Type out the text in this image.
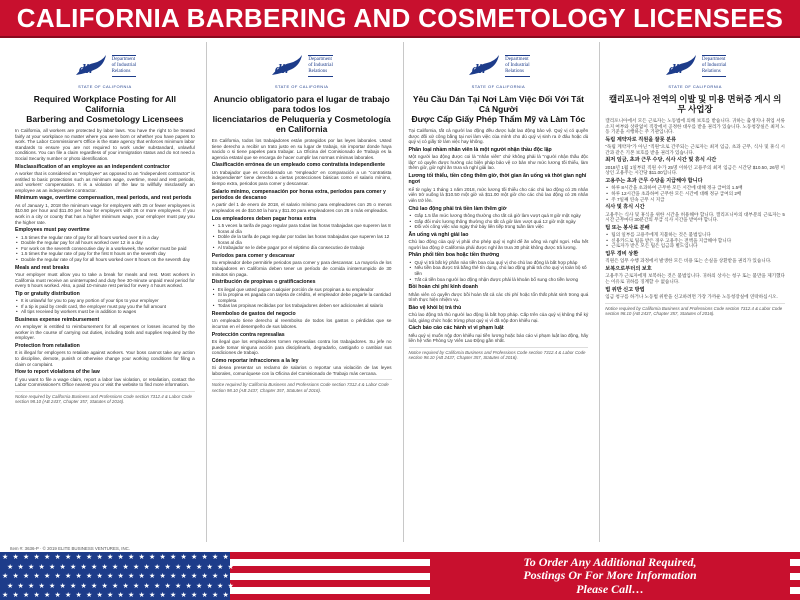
CALIFORNIA BARBERING AND COSMETOLOGY LICENSEES
dir
Department
of Industrial
Relations
STATE OF CALIFORNIA
Required Workplace Posting for All California
Barbering and Cosmetology Licensees

In California, all workers are protected by labor laws. You have the right to be treated fairly at your workplace no matter where you were born or whether you have papers to work. The Labor Commissioner's Office is the state agency that enforces minimum labor standards to ensure you are not required to work under substandard, unlawful conditions. You can file a claim regardless of your immigration status and do not need a Social Security number or photo identification.

Misclassification of an employee as an independent contractor

A worker that is considered an "employee" as opposed to an "independent contractor" is entitled to basic protections such as minimum wage, overtime, meal and rest periods, and workers' compensation. It is a violation of the law to willfully misclassify an employee as an independent contractor.

Minimum wage, overtime compensation, meal periods, and rest periods

As of January 1, 2018 the minimum wage for employers with 25 or fewer employees is $10.50 per hour and $11.00 per hour for employers with 26 or more employees. If you work in a city or county that has a higher minimum wage, your employer must pay you the higher rate.

Employees must pay overtime

• 1.5 times the regular rate of pay for all hours worked over 8 in a day

• Double the regular pay for all hours worked over 12 in a day

• For work on the seventh consecutive day in a workweek, the worker must be paid

• 1.5 times the regular rate of pay for the first 8 hours on the seventh day

• Double the regular rate of pay for all hours worked over 8 hours on the seventh day

Meals and rest breaks

Your employer must allow you to take a break for meals and rest. Most workers in California must receive an uninterrupted and duty free 30-minute unpaid meal period for every 5 hours worked. Also, a paid 10-minute rest period for every 4 hours worked.

Tip or gratuity distribution

• It is unlawful for you to pay any portion of your tips to your employer

• If a tip is paid by credit card, the employer must pay you the full amount

• All tips received by workers must be in addition to wages

Business expense reimbursement

An employer is entitled to reimbursement for all expenses or losses incurred by the worker in the course of carrying out duties, including tools and supplies required by the employer.

Protection from retaliation

It is illegal for employers to retaliate against workers. Your boss cannot take any action to discipline, demote, punish or otherwise change your working conditions for filing a claim or complaint.

How to report violations of the law

If you want to file a wage claim, report a labor law violation, or retaliation, contact the Labor Commissioner's Office nearest you or visit the website to find more information.

Notice required by California Business and Professions Code section 7312.4 & Labor Code section 98.10 (AB 2437, Chapter 357, Statutes of 2016).
dir
Department
of Industrial
Relations
STATE OF CALIFORNIA
Anuncio obligatorio para el lugar de trabajo para todos los
licenciatarios de Peluquería y Cosmetología en California

En California, todos los trabajadores están protegidos por las leyes laborales. Usted tiene derecho a recibir un trato justo en su lugar de trabajo, sin importar donde haya nacido o si tiene papeles para trabajar. La Oficina del Comisionado de Trabajo es la agencia estatal que se encarga de hacer cumplir las normas mínimas laborales.

Clasificación errónea de un empleado como contratista independiente

Un trabajador que es considerado un "empleado" en comparación a un "contratista independiente" tiene derecho a ciertas protecciones básicas como el salario mínimo, tiempo extra, periodos para comer y descansar.

Salario mínimo, compensación por horas extra, períodos para comer y períodos de descanso

A partir del 1 de enero de 2018, el salario mínimo para empleadores con 25 o menos empleados es de $10.50 la hora y $11.00 para empleadores con 26 o más empleados.

Los empleadores deben pagar horas extra

• 1.5 veces la tarifa de pago regular para todas las horas trabajadas que superen las 8 horas al día

• Doble de la tarifa de pago regular por todas las horas trabajadas que superen las 12 horas al día

• Al trabajador se le debe pagar por el séptimo día consecutivo de trabajo

Períodos para comer y descansar

Su empleador debe permitirle periodos para comer y para descansar. La mayoría de los trabajadores en California deben tener un período de comida ininterrumpido de 30 minutos sin paga.

Distribución de propinas o gratificaciones

• Es ilegal que usted pague cualquier porción de sus propinas a su empleador

• Si la propina es pagada con tarjeta de crédito, el empleador debe pagarle la cantidad completa

• Todas las propinas recibidas por los trabajadores deben ser adicionales al salario

Reembolso de gastos del negocio

Un empleado tiene derecho al reembolso de todos los gastos o pérdidas que se incurran en el desempeño de sus labores.

Protección contra represalias

Es ilegal que los empleadores tomen represalias contra los trabajadores. Su jefe no puede tomar ninguna acción para disciplinarlo, degradarlo, castigarlo o cambiar sus condiciones de trabajo.

Cómo reportar infracciones a la ley

Si desea presentar un reclamo de salarios o reportar una violación de las leyes laborales, comuníquese con la Oficina del Comisionado de Trabajo más cercana.

Notice required by California Business and Professions Code section 7312.4 & Labor Code section 98.10 (AB 2437, Chapter 357, Statutes of 2016).
dir
Department
of Industrial
Relations
STATE OF CALIFORNIA
Yêu Cầu Dán Tại Nơi Làm Việc Đối Với Tất Cả Người
Được Cấp Giấy Phép Thẩm Mỹ và Làm Tóc

Tại California, tất cả người lao động đều được luật lao động bảo vệ. Quý vị có quyền được đối xử công bằng tại nơi làm việc của mình cho dù quý vị sinh ra ở đâu hoặc dù quý vị có giấy tờ làm việc hay không.

Phân loại nhầm nhân viên là một người nhận thầu độc lập

Một người lao động được coi là "nhân viên" chứ không phải là "người nhận thầu độc lập" có quyền được hưởng các biện pháp bảo vệ cơ bản như mức lương tối thiểu, làm thêm giờ, giờ nghỉ ăn trưa và nghỉ giải lao.

Lương tối thiểu, tiền công thêm giờ, thời gian ăn uống và thời gian nghỉ ngơi

Kể từ ngày 1 tháng 1 năm 2018, mức lương tối thiểu cho các chủ lao động có 25 nhân viên trở xuống là $10.50 một giờ và $11.00 một giờ cho các chủ lao động có 26 nhân viên trở lên.

Chủ lao động phải trả tiền làm thêm giờ

• Gấp 1.5 lần mức lương thông thường cho tất cả giờ làm vượt quá 8 giờ một ngày

• Gấp đôi mức lương thông thường cho tất cả giờ làm vượt quá 12 giờ một ngày

• Đối với công việc vào ngày thứ bảy liên tiếp trong tuần làm việc

Ăn uống và nghỉ giải lao

Chủ lao động của quý vị phải cho phép quý vị nghỉ để ăn uống và nghỉ ngơi. Hầu hết người lao động ở California phải được nghỉ ăn trưa 30 phút không được trả lương.

Phân phối tiền boa hoặc tiền thưởng

• Quý vị trả bất kỳ phần nào tiền boa của quý vị cho chủ lao động là bất hợp pháp

• Nếu tiền boa được trả bằng thẻ tín dụng, chủ lao động phải trả cho quý vị toàn bộ số tiền

• Tất cả tiền boa người lao động nhận được phải là khoản bổ sung cho tiền lương

Bồi hoàn chi phí kinh doanh

Nhân viên có quyền được bồi hoàn tất cả các chi phí hoặc tổn thất phát sinh trong quá trình thực hiện nhiệm vụ.

Bảo vệ khỏi bị trả thù

Chủ lao động trả thù người lao động là bất hợp pháp. Cấp trên của quý vị không thể kỷ luật, giáng chức hoặc trừng phạt quý vị vì đã nộp đơn khiếu nại.

Cách báo cáo các hành vi vi phạm luật

Nếu quý vị muốn nộp đơn khiếu nại tiền lương hoặc báo cáo vi phạm luật lao động, hãy liên hệ Văn Phòng Ủy Viên Lao Động gần nhất.

Notice required by California Business and Professions Code section 7312.4 & Labor Code section 98.10 (AB 2437, Chapter 357, Statutes of 2016).
dir
Department
of Industrial
Relations
STATE OF CALIFORNIA
캘리포니아 전역의 이발 및 미용 면허증 게시 의무 사업장

캘리포니아에서 모든 근로자는 노동법에 의해 보호를 받습니다. 귀하는 출생지나 취업 서류 소지 여부와 상관없이 직장에서 공정한 대우를 받을 권리가 있습니다. 노동청장실은 최저 노동 기준을 시행하는 주 기관입니다.

독립 계약자로 직원을 잘못 분류

"독립 계약자"가 아닌 "직원"으로 간주되는 근로자는 최저 임금, 초과 근무, 식사 및 휴식 시간과 같은 기본 보호를 받을 권리가 있습니다.

최저 임금, 초과 근무 수당, 식사 시간 및 휴식 시간

2018년 1월 1일부터 직원 수가 25명 이하인 고용주의 최저 임금은 시간당 $10.50, 26명 이상인 고용주는 시간당 $11.00입니다.

고용주는 초과 근무 수당을 지급해야 합니다

• 하루 8시간을 초과하여 근무한 모든 시간에 대해 정규 급여의 1.5배

• 하루 12시간을 초과하여 근무한 모든 시간에 대해 정규 급여의 2배

• 주 7일째 연속 근무 시 지급

식사 및 휴식 시간

고용주는 식사 및 휴식을 위한 시간을 허용해야 합니다. 캘리포니아의 대부분의 근로자는 5시간 근무마다 30분간의 무급 식사 시간을 받아야 합니다.

팁 또는 봉사료 분배

• 팁의 일부를 고용주에게 지불하는 것은 불법입니다

• 신용카드로 팁을 받은 경우 고용주는 전액을 지급해야 합니다

• 근로자가 받은 모든 팁은 임금과 별도입니다

업무 경비 상환

직원은 업무 수행 과정에서 발생한 모든 비용 또는 손실을 상환받을 권리가 있습니다.

보복으로부터의 보호

고용주가 근로자에게 보복하는 것은 불법입니다. 귀하의 상사는 청구 또는 불만을 제기했다는 이유로 귀하를 징계할 수 없습니다.

법 위반 신고 방법

임금 청구를 하거나 노동법 위반을 신고하려면 가장 가까운 노동청장실에 연락하십시오.

Notice required by California Business and Professions Code section 7312.4 & Labor Code section 98.10 (AB 2437, Chapter 357, Statutes of 2016).
Item #: 3636-P · © 2019 ELITE BUSINESS VENTURES, INC.
★ ★ ★ ★ ★ ★ ★ ★ ★ ★ ★ ★ ★ ★ ★ ★ ★ ★ ★ ★ ★ ★
★ ★ ★ ★ ★ ★ ★ ★ ★ ★ ★ ★ ★ ★ ★ ★ ★ ★ ★ ★ ★ ★
★ ★ ★ ★ ★ ★ ★ ★ ★ ★ ★ ★ ★ ★ ★ ★ ★ ★ ★ ★ ★ ★
★ ★ ★ ★ ★ ★ ★ ★ ★ ★ ★ ★ ★ ★ ★ ★ ★ ★ ★ ★ ★ ★
★ ★ ★ ★ ★ ★ ★ ★ ★ ★ ★ ★ ★ ★ ★ ★ ★ ★ ★ ★ ★ ★
To Order Any Additional Required,
Postings Or For More Information
Please Call…
